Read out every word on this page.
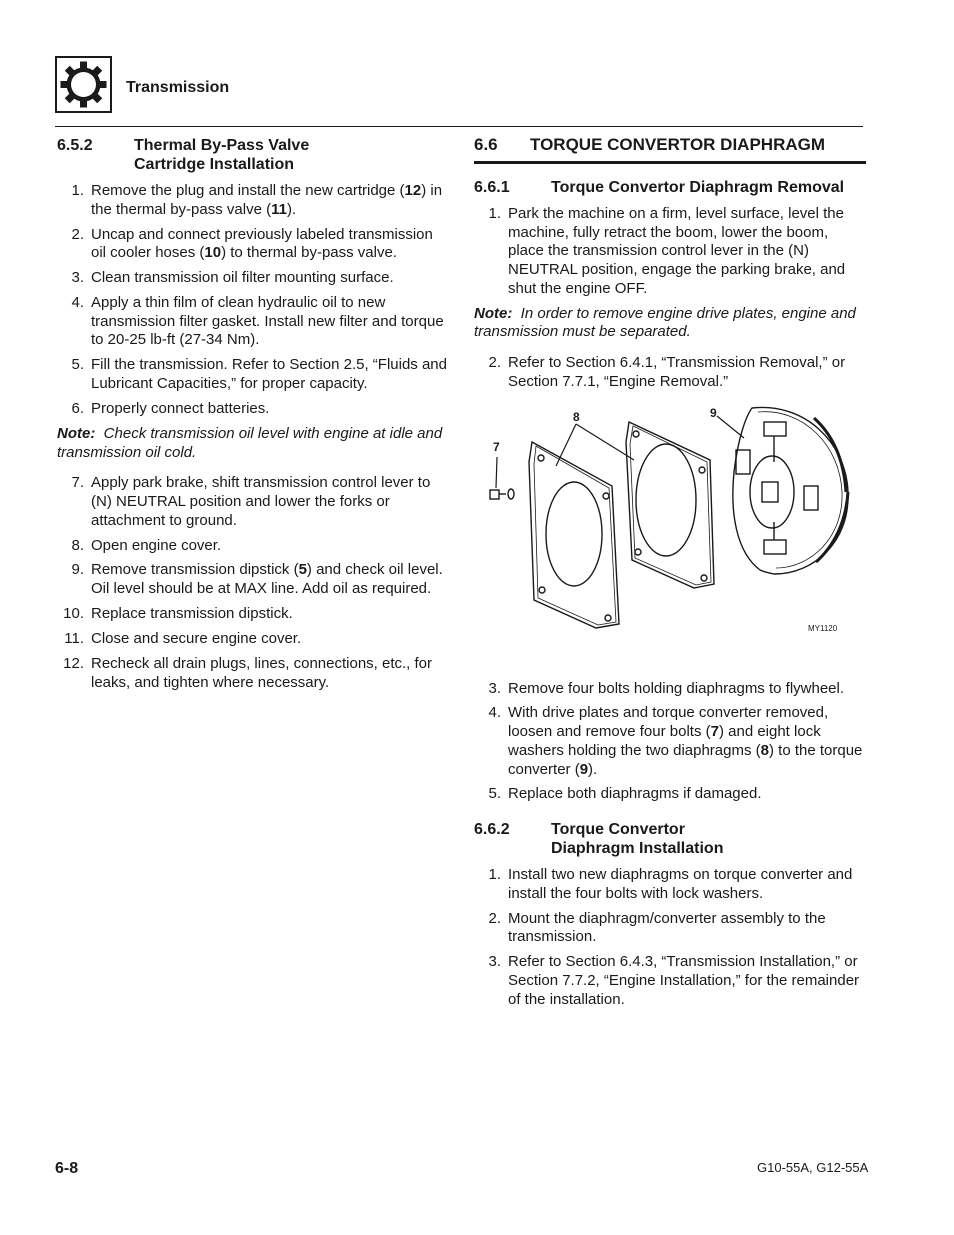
Transmission
6.5.2	Thermal By-Pass Valve
Cartridge Installation
1. Remove the plug and install the new cartridge (12) in the thermal by-pass valve (11).
2. Uncap and connect previously labeled transmission oil cooler hoses (10) to thermal by-pass valve.
3. Clean transmission oil filter mounting surface.
4. Apply a thin film of clean hydraulic oil to new transmission filter gasket. Install new filter and torque to 20-25 lb-ft (27-34 Nm).
5. Fill the transmission. Refer to Section 2.5, “Fluids and Lubricant Capacities,” for proper capacity.
6. Properly connect batteries.
Note: Check transmission oil level with engine at idle and transmission oil cold.
7. Apply park brake, shift transmission control lever to (N) NEUTRAL position and lower the forks or attachment to ground.
8. Open engine cover.
9. Remove transmission dipstick (5) and check oil level. Oil level should be at MAX line. Add oil as required.
10. Replace transmission dipstick.
11. Close and secure engine cover.
12. Recheck all drain plugs, lines, connections, etc., for leaks, and tighten where necessary.
6.6	TORQUE CONVERTOR DIAPHRAGM
6.6.1	Torque Convertor Diaphragm Removal
1. Park the machine on a firm, level surface, level the machine, fully retract the boom, lower the boom, place the transmission control lever in the (N) NEUTRAL position, engage the parking brake, and shut the engine OFF.
Note: In order to remove engine drive plates, engine and transmission must be separated.
2. Refer to Section 6.4.1, “Transmission Removal,” or Section 7.7.1, “Engine Removal.”
7
8	9
MY1120
3. Remove four bolts holding diaphragms to flywheel.
4. With drive plates and torque converter removed, loosen and remove four bolts (7) and eight lock washers holding the two diaphragms (8) to the torque converter (9).
5. Replace both diaphragms if damaged.
6.6.2	Torque Convertor
Diaphragm Installation
1. Install two new diaphragms on torque converter and install the four bolts with lock washers.
2. Mount the diaphragm/converter assembly to the transmission.
3. Refer to Section 6.4.3, “Transmission Installation,” or Section 7.7.2, “Engine Installation,” for the remainder of the installation.
6-8	G10-55A, G12-55A
